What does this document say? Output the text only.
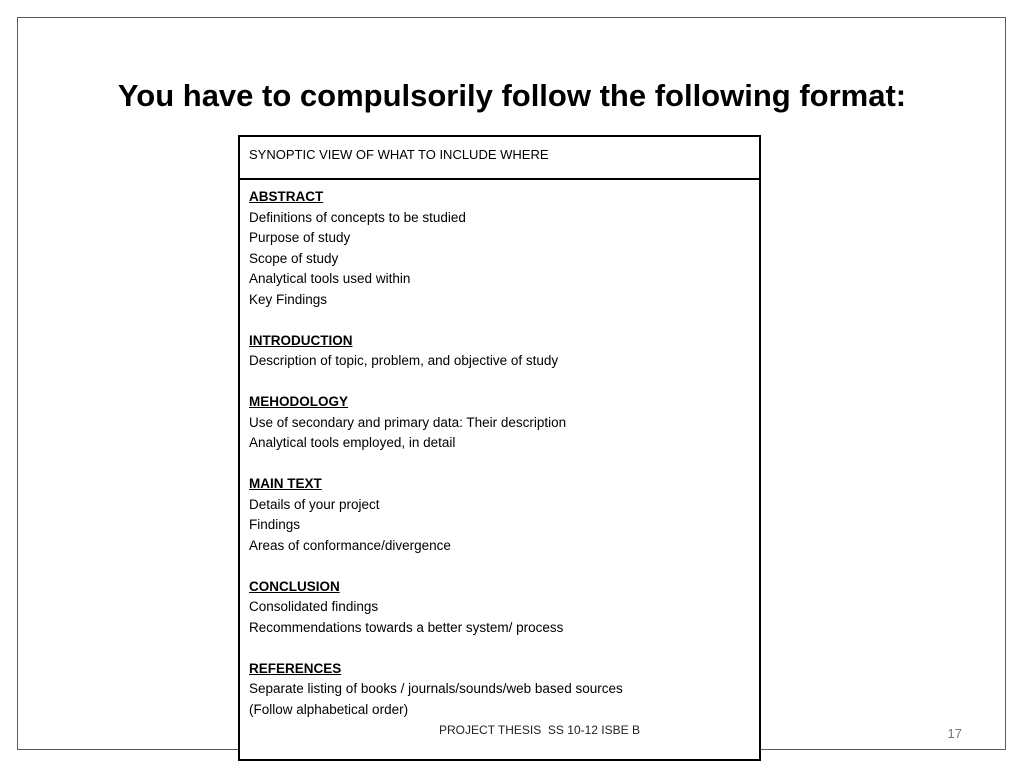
You have to compulsorily follow the following format:
SYNOPTIC VIEW OF WHAT TO INCLUDE WHERE
ABSTRACT
Definitions of concepts to be studied
Purpose of study
Scope of study
Analytical tools used within
Key Findings
INTRODUCTION
Description of topic, problem, and objective of study
MEHODOLOGY
Use of secondary and primary data: Their description
Analytical tools employed, in detail
MAIN TEXT
Details of your project
Findings
Areas of conformance/divergence
CONCLUSION
Consolidated findings
Recommendations towards a better system/ process
REFERENCES
Separate listing of books / journals/sounds/web based sources
(Follow alphabetical order)
PROJECT THESIS  SS 10-12 ISBE B	17
